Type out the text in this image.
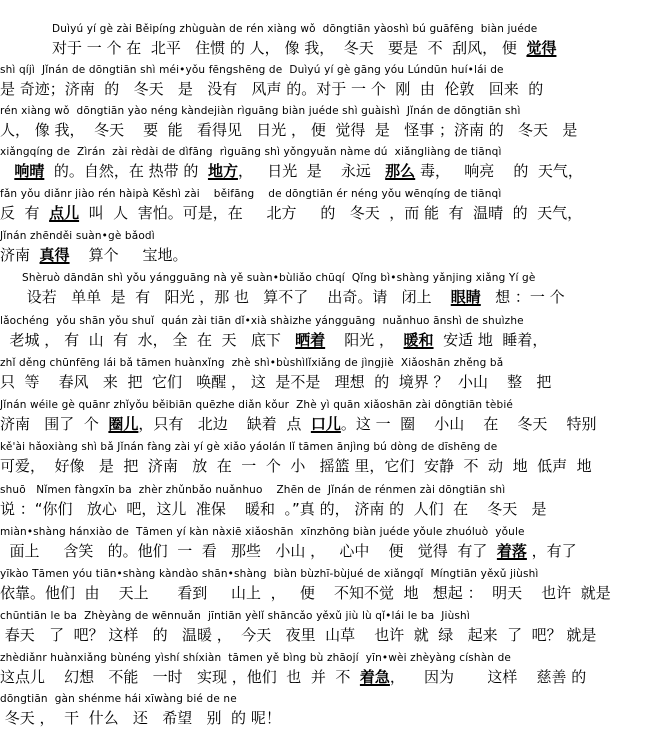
Duìyú yí gè zài Běipíng zhùguàn de rén xiàng wǒ  dōngtiān yàoshì bú guāfēng  biàn juéde
对于 一 个 在  北平   住惯 的 人， 像 我，  冬天   要是  不  刮风， 便  觉得
shì qíjì  Jǐnán de dōngtiān shì méi•yǒu fēngshēng de  Duìyú yí gè gāng yóu Lúndūn huí•lái de
是 奇迹；济南  的   冬天   是   没有   风声 的。对于 一 个  刚  由  伦敦   回来  的
rén xiàng wǒ  dōngtiān yào néng kàndejiàn rìguāng biàn juéde shì guàishì  Jǐnán de dōngtiān shì
人， 像 我，  冬天    要  能   看得见   日光 ， 便  觉得  是   怪事 ；济南 的   冬天   是
xiǎngqíng de  Zìrán  zài rèdài de dìfāng  rìguāng shì yǒngyuǎn nàme dú  xiǎngliàng de tiānqì
响晴  的。自然，在 热带 的  地方，   日光  是    永远   那么 毒，   响亮    的  天气，
fǎn yǒu diǎnr jiào rén hàipà Kěshì zài    běifāng    de dōngtiān ér néng yǒu wēnqíng de tiānqì
反  有  点儿  叫  人  害怕。可是，在     北方     的   冬天  ，而 能  有  温晴  的  天气，
Jǐnán zhēnděi suàn•gè bǎodì
济南  真得    算个     宝地。
Shèruò dāndān shì yǒu yángguāng nà yě suàn•bùliǎo chūqí  Qǐng bì•shàng yǎnjing xiǎng Yí gè
设若   单单  是  有   阳光 ，那 也   算不了    出奇。请   闭上    眼睛   想 ：一 个
lǎochéng  yǒu shān yǒu shuǐ  quán zài tiān dǐ•xià shàizhe yángguāng  nuǎnhuo ānshì de shuìzhe
老城 ， 有  山  有  水， 全  在  天   底下   晒着    阳光 ，  暖和  安适 地  睡着，
zhǐ děng chūnfēng lái bǎ tāmen huànxǐng  zhè shì•bùshìlǐxiǎng de jìngjiè  Xiǎoshān zhěng bǎ
只  等    春风   来  把  它们   唤醒 ， 这  是不是   理想  的  境界 ？  小山    整   把
Jǐnán wéile gè quānr zhǐyǒu běibiān quēzhe diǎn kǒur  Zhè yì quān xiǎoshān zài dōngtiān tèbié
济南   围了  个  圈儿，只有   北边    缺着  点  口儿。这 一  圈    小山    在    冬天    特别
kě'ài hǎoxiàng shì bǎ Jǐnán fàng zài yí gè xiǎo yáolán lǐ tāmen ānjìng bú dòng de dīshēng de
可爱，  好像   是  把  济南   放  在  一  个  小   摇篮 里，它们  安静  不  动  地  低声  地
shuō   Nǐmen fàngxīn ba  zhèr zhǔnbǎo nuǎnhuo    Zhēn de  Jǐnán de rénmen zài dōngtiān shì
说 ：“你们   放心  吧，这儿  准保    暖和  。”真 的， 济南 的  人们  在    冬天   是
miàn•shàng hánxiào de  Tāmen yí kàn nàxiē xiǎoshān  xīnzhōng biàn juéde yǒule zhuóluò  yǒule
面上     含笑   的。他们  一  看   那些   小山 ，   心中    便   觉得  有了  着落 ，有了
yīkào Tāmen yóu tiān•shàng kàndào shān•shàng  biàn bùzhī-bùjué de xiǎngqǐ  Míngtiān yěxǔ jiùshì
依靠。他们  由    天上      看到     山上  ，   便    不知不觉  地   想起 ：  明天    也许  就是
chūntiān le ba  Zhèyàng de wēnnuǎn  jīntiān yèlǐ shāncǎo yěxǔ jiù lù qǐ•lái le ba  Jiùshì
春天   了  吧？ 这样   的   温暖 ，  今天   夜里  山草    也许  就  绿   起来  了  吧？ 就是
zhèdiǎnr huànxiǎng bùnéng yìshí shíxiàn  tāmen yě bìng bù zhāojí  yīn•wèi zhèyàng císhàn de
这点儿    幻想   不能   一时   实现 ，他们  也  并  不  着急，    因为       这样    慈善 的
dōngtiān  gàn shénme hái xīwàng bié de ne
冬天 ，  干  什么   还   希望   别  的 呢！
